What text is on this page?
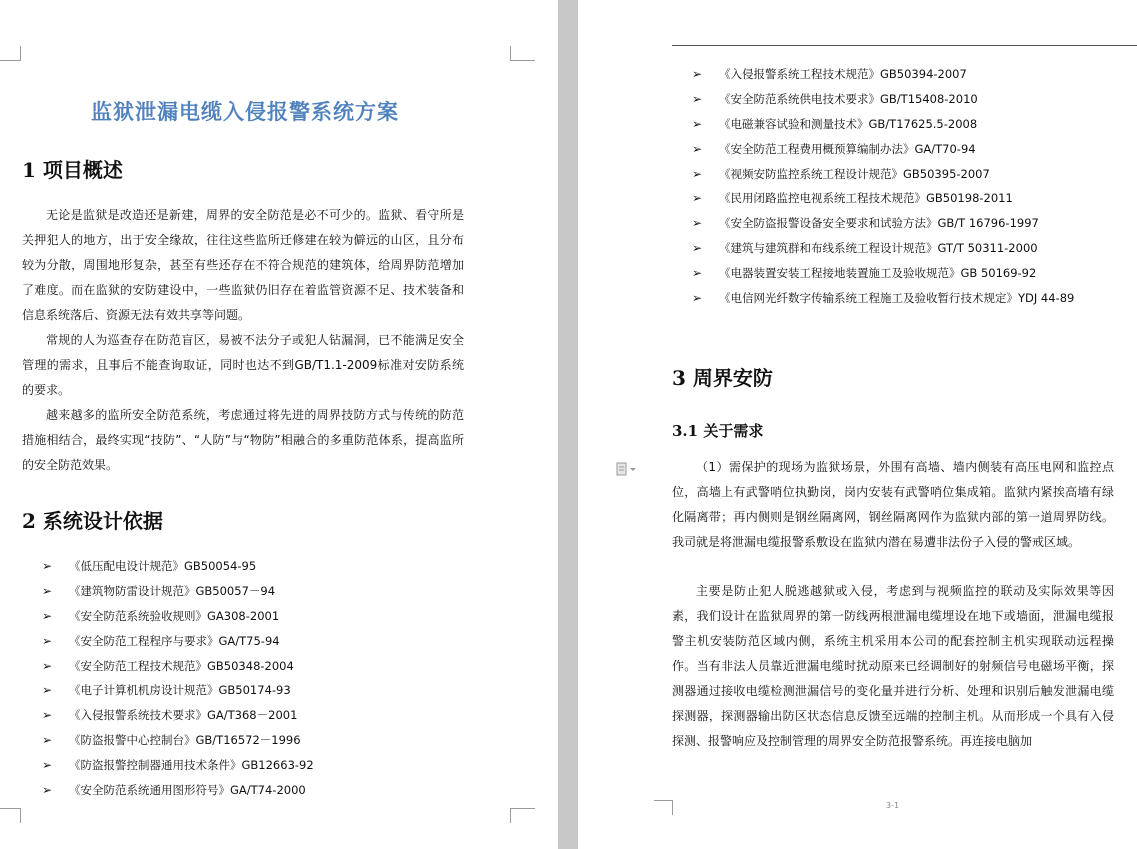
监狱泄漏电缆入侵报警系统方案
1 项目概述

无论是监狱是改造还是新建，周界的安全防范是必不可少的。监狱、看守所是关押犯人的地方，出于安全缘故，往往这些监所迁修建在较为僻远的山区，且分布较为分散，周围地形复杂，甚至有些还存在不符合规范的建筑体，给周界防范增加了难度。而在监狱的安防建设中，一些监狱仍旧存在着监管资源不足、技术装备和信息系统落后、资源无法有效共享等问题。

常规的人为巡查存在防范盲区，易被不法分子或犯人钻漏洞，已不能满足安全管理的需求，且事后不能查询取证，同时也达不到GB/T1.1-2009标准对安防系统的要求。

越来越多的监所安全防范系统，考虑通过将先进的周界技防方式与传统的防范措施相结合，最终实现“技防”、“人防”与“物防”相融合的多重防范体系，提高监所的安全防范效果。

2 系统设计依据
➢ 《低压配电设计规范》GB50054-95
➢ 《建筑物防雷设计规范》GB50057－94
➢ 《安全防范系统验收规则》GA308-2001
➢ 《安全防范工程程序与要求》GA/T75-94
➢ 《安全防范工程技术规范》GB50348-2004
➢ 《电子计算机机房设计规范》GB50174-93
➢ 《入侵报警系统技术要求》GA/T368－2001
➢ 《防盗报警中心控制台》GB/T16572－1996
➢ 《防盗报警控制器通用技术条件》GB12663-92
➢ 《安全防范系统通用图形符号》GA/T74-2000
➢ 《入侵报警系统工程技术规范》GB50394-2007
➢ 《安全防范系统供电技术要求》GB/T15408-2010
➢ 《电磁兼容试验和测量技术》GB/T17625.5-2008
➢ 《安全防范工程费用概预算编制办法》GA/T70-94
➢ 《视频安防监控系统工程设计规范》GB50395-2007
➢ 《民用闭路监控电视系统工程技术规范》GB50198-2011
➢ 《安全防盗报警设备安全要求和试验方法》GB/T 16796-1997
➢ 《建筑与建筑群和布线系统工程设计规范》GT/T 50311-2000
➢ 《电器装置安装工程接地装置施工及验收规范》GB 50169-92
➢ 《电信网光纤数字传输系统工程施工及验收暂行技术规定》YDJ 44-89
3 周界安防
3.1 关于需求

（1）需保护的现场为监狱场景，外围有高墙、墙内侧装有高压电网和监控点位，高墙上有武警哨位执勤岗，岗内安装有武警哨位集成箱。监狱内紧挨高墙有绿化隔离带；再内侧则是钢丝隔离网，钢丝隔离网作为监狱内部的第一道周界防线。我司就是将泄漏电缆报警系敷设在监狱内潜在易遭非法份子入侵的警戒区域。

主要是防止犯人脱逃越狱或入侵，考虑到与视频监控的联动及实际效果等因素，我们设计在监狱周界的第一防线两根泄漏电缆埋设在地下或墙面，泄漏电缆报警主机安装防范区域内侧，系统主机采用本公司的配套控制主机实现联动远程操作。当有非法人员靠近泄漏电缆时扰动原来已经调制好的射频信号电磁场平衡，探测器通过接收电缆检测泄漏信号的变化量并进行分析、处理和识别后触发泄漏电缆探测器，探测器输出防区状态信息反馈至远端的控制主机。从而形成一个具有入侵探测、报警响应及控制管理的周界安全防范报警系统。再连接电脑加

3-1
